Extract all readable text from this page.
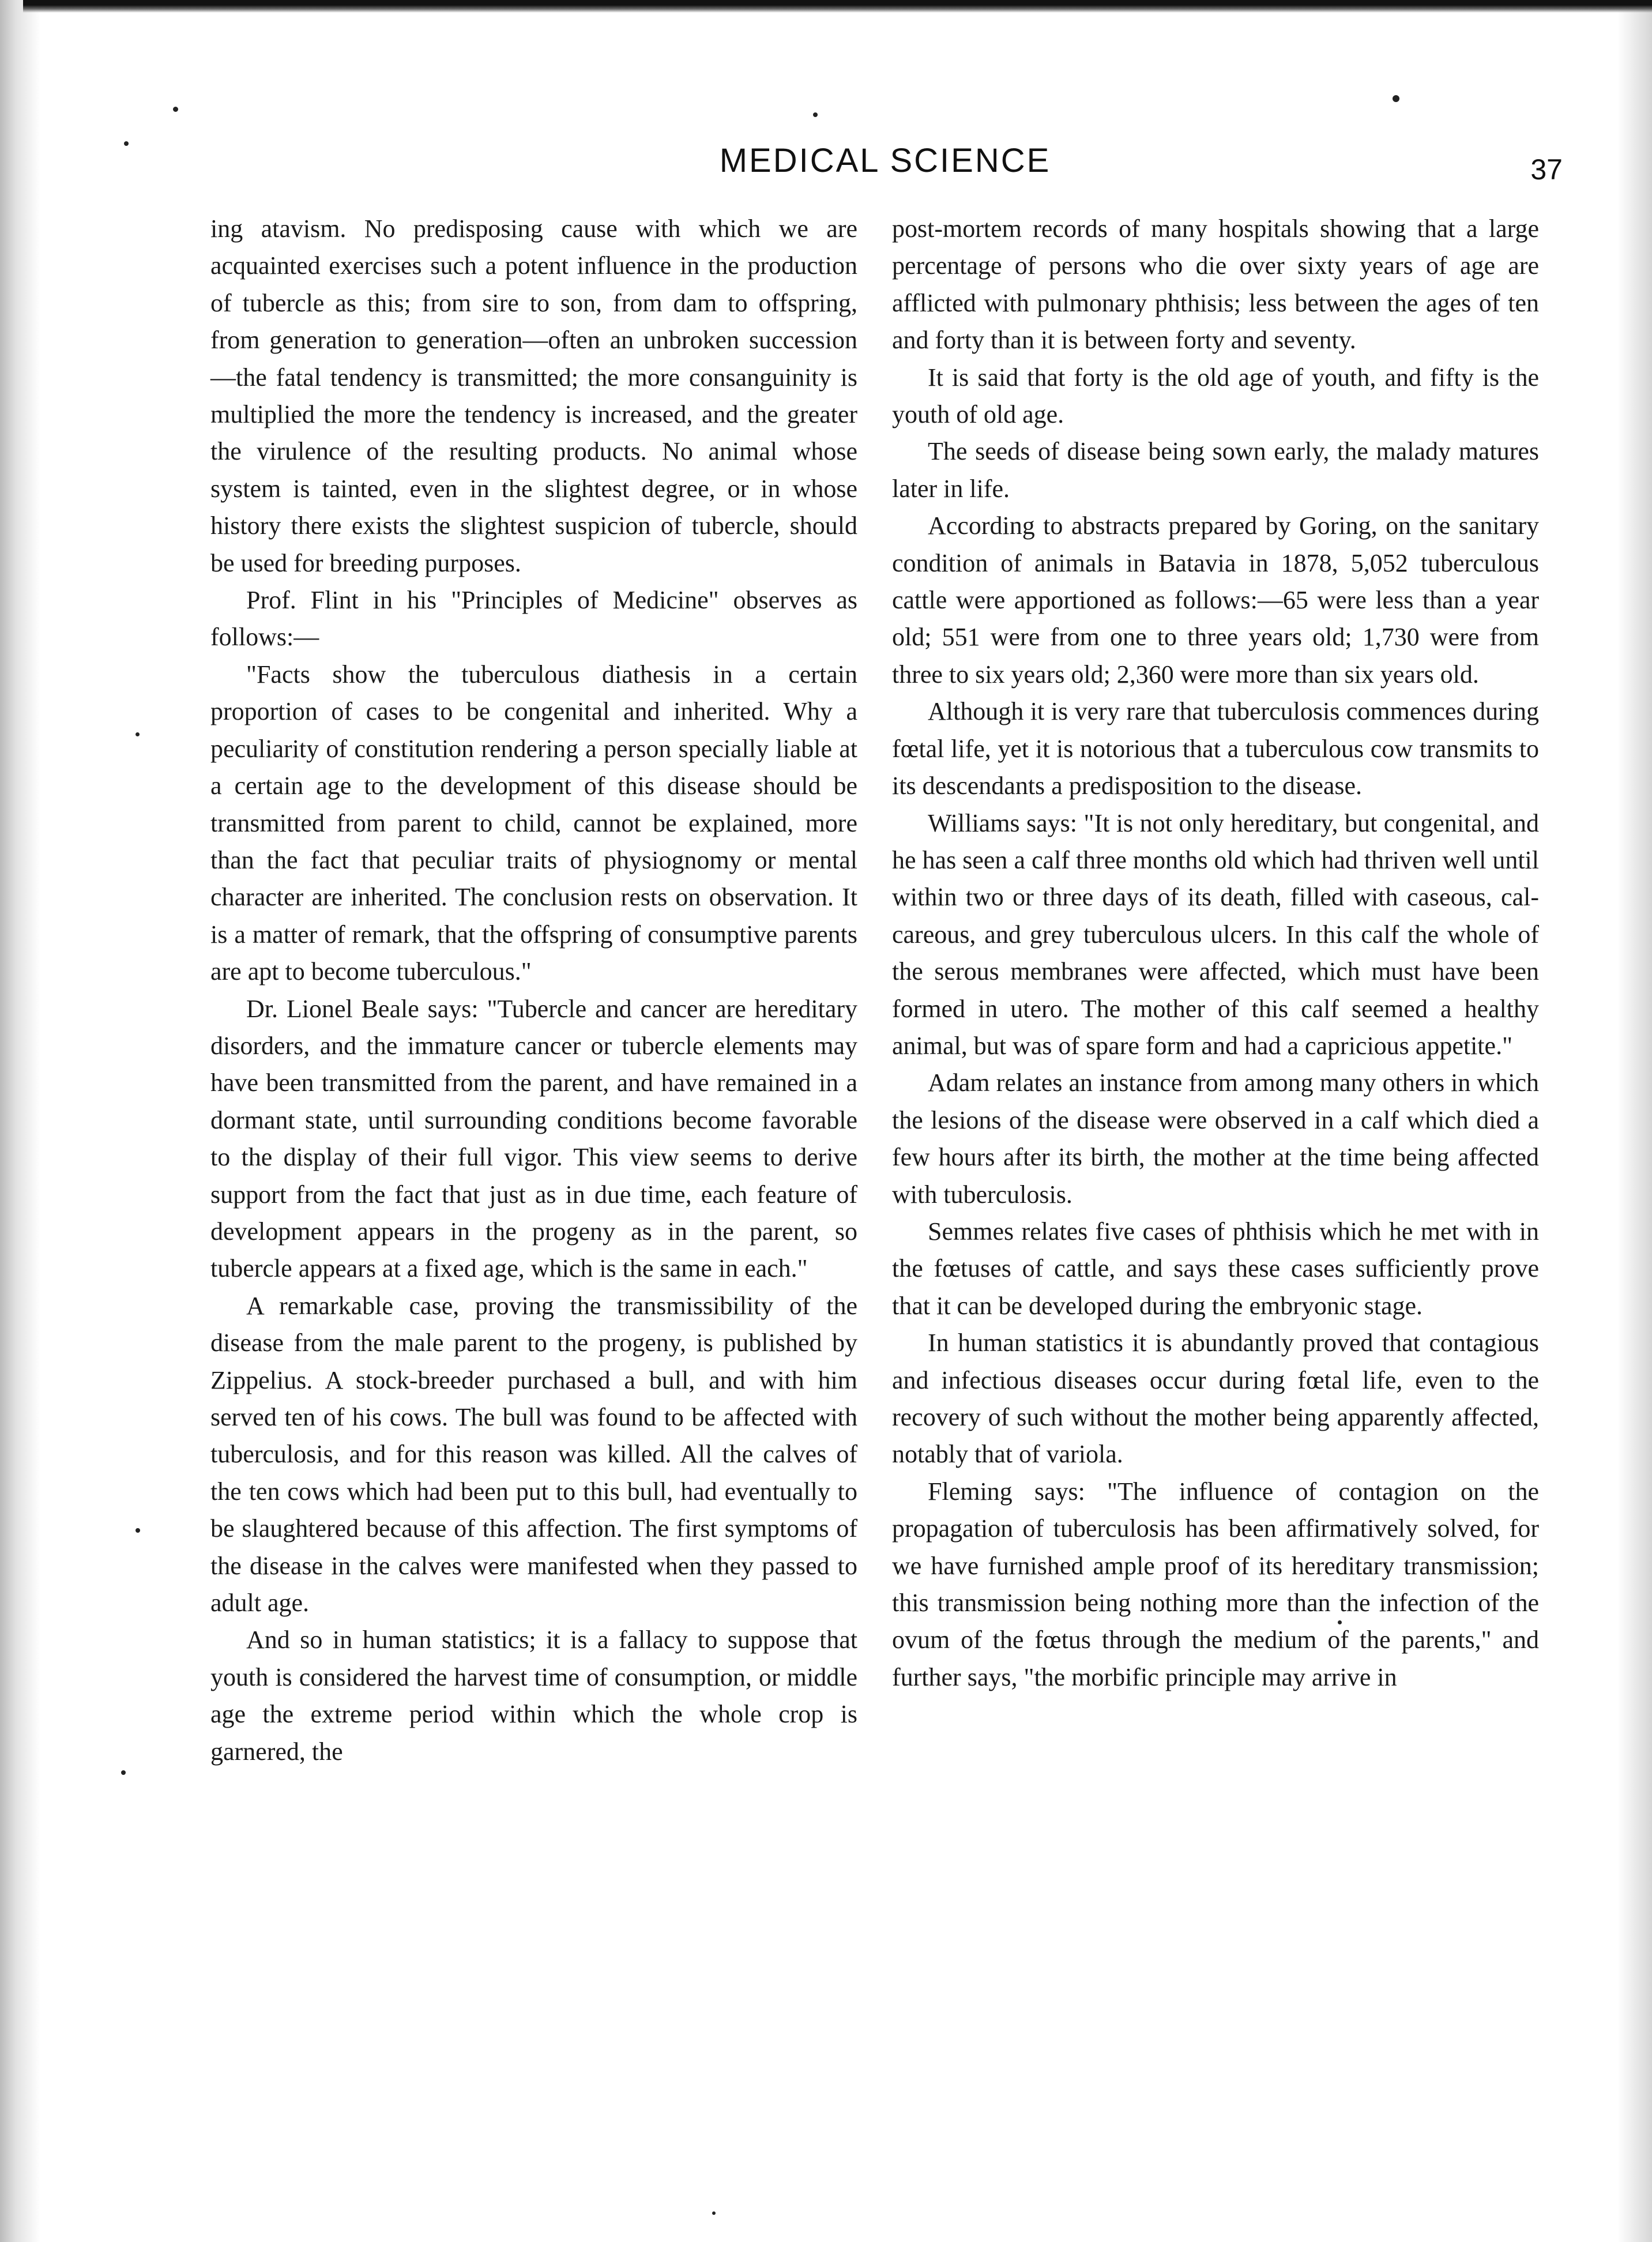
MEDICAL SCIENCE	37

ing atavism. No predisposing cause with which we are acquainted exercises such a potent influence in the production of tubercle as this; from sire to son, from dam to offspring, from generation to generation—often an unbroken succession—the fatal tendency is transmitted; the more consanguinity is multiplied the more the tendency is increased, and the greater the virulence of the resulting products. No animal whose system is tainted, even in the slightest degree, or in whose history there exists the slightest suspicion of tubercle, should be used for breeding purposes.

Prof. Flint in his "Principles of Medicine" observes as follows:—

"Facts show the tuberculous diathesis in a certain proportion of cases to be congenital and inherited. Why a peculiarity of constitution rendering a person specially liable at a certain age to the development of this disease should be transmitted from parent to child, cannot be explained, more than the fact that peculiar traits of physiognomy or mental character are inherited. The conclusion rests on observation. It is a matter of remark, that the offspring of consumptive parents are apt to become tuberculous."

Dr. Lionel Beale says: "Tubercle and cancer are hereditary disorders, and the immature cancer or tubercle elements may have been transmitted from the parent, and have remained in a dormant state, until surrounding conditions become favorable to the display of their full vigor. This view seems to derive support from the fact that just as in due time, each feature of development appears in the progeny as in the parent, so tubercle appears at a fixed age, which is the same in each."

A remarkable case, proving the transmissibility of the disease from the male parent to the progeny, is published by Zippelius. A stock-breeder purchased a bull, and with him served ten of his cows. The bull was found to be affected with tuberculosis, and for this reason was killed. All the calves of the ten cows which had been put to this bull, had eventually to be slaughtered because of this affection. The first symptoms of the disease in the calves were manifested when they passed to adult age.

And so in human statistics; it is a fallacy to suppose that youth is considered the harvest time of consumption, or middle age the extreme period within which the whole crop is garnered, the

post-mortem records of many hospitals showing that a large percentage of persons who die over sixty years of age are afflicted with pulmonary phthisis; less between the ages of ten and forty than it is between forty and seventy.

It is said that forty is the old age of youth, and fifty is the youth of old age.

The seeds of disease being sown early, the malady matures later in life.

According to abstracts prepared by Goring, on the sanitary condition of animals in Batavia in 1878, 5,052 tuberculous cattle were apportioned as follows:—65 were less than a year old; 551 were from one to three years old; 1,730 were from three to six years old; 2,360 were more than six years old.

Although it is very rare that tuberculosis commences during fœtal life, yet it is notorious that a tuberculous cow transmits to its descendants a predisposition to the disease.

Williams says: "It is not only hereditary, but congenital, and he has seen a calf three months old which had thriven well until within two or three days of its death, filled with caseous, calcareous, and grey tuberculous ulcers. In this calf the whole of the serous membranes were affected, which must have been formed in utero. The mother of this calf seemed a healthy animal, but was of spare form and had a capricious appetite."

Adam relates an instance from among many others in which the lesions of the disease were observed in a calf which died a few hours after its birth, the mother at the time being affected with tuberculosis.

Semmes relates five cases of phthisis which he met with in the fœtuses of cattle, and says these cases sufficiently prove that it can be developed during the embryonic stage.

In human statistics it is abundantly proved that contagious and infectious diseases occur during fœtal life, even to the recovery of such without the mother being apparently affected, notably that of variola.

Fleming says: "The influence of contagion on the propagation of tuberculosis has been affirmatively solved, for we have furnished ample proof of its hereditary transmission; this transmission being nothing more than the infection of the ovum of the fœtus through the medium of the parents," and further says, "the morbific principle may arrive in
